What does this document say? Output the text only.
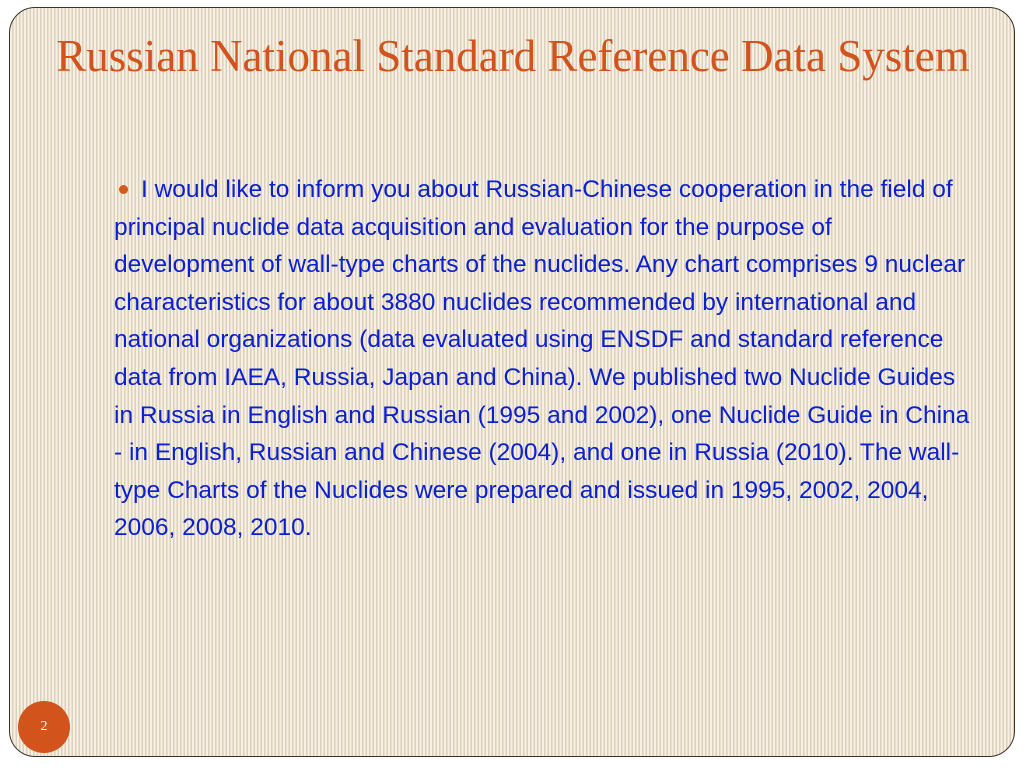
Russian National Standard Reference Data System
I would like to inform you about Russian-Chinese cooperation in the field of principal nuclide data acquisition and evaluation for the purpose of development of wall-type charts of the nuclides. Any chart comprises 9 nuclear characteristics for about 3880 nuclides recommended by international and national organizations (data evaluated using ENSDF and standard reference data from IAEA, Russia, Japan and China). We published two Nuclide Guides in Russia in English and Russian (1995 and 2002), one Nuclide Guide in China - in English, Russian and Chinese (2004), and one in Russia (2010). The wall-type Charts of the Nuclides were prepared and issued in 1995, 2002, 2004, 2006, 2008, 2010.
2
